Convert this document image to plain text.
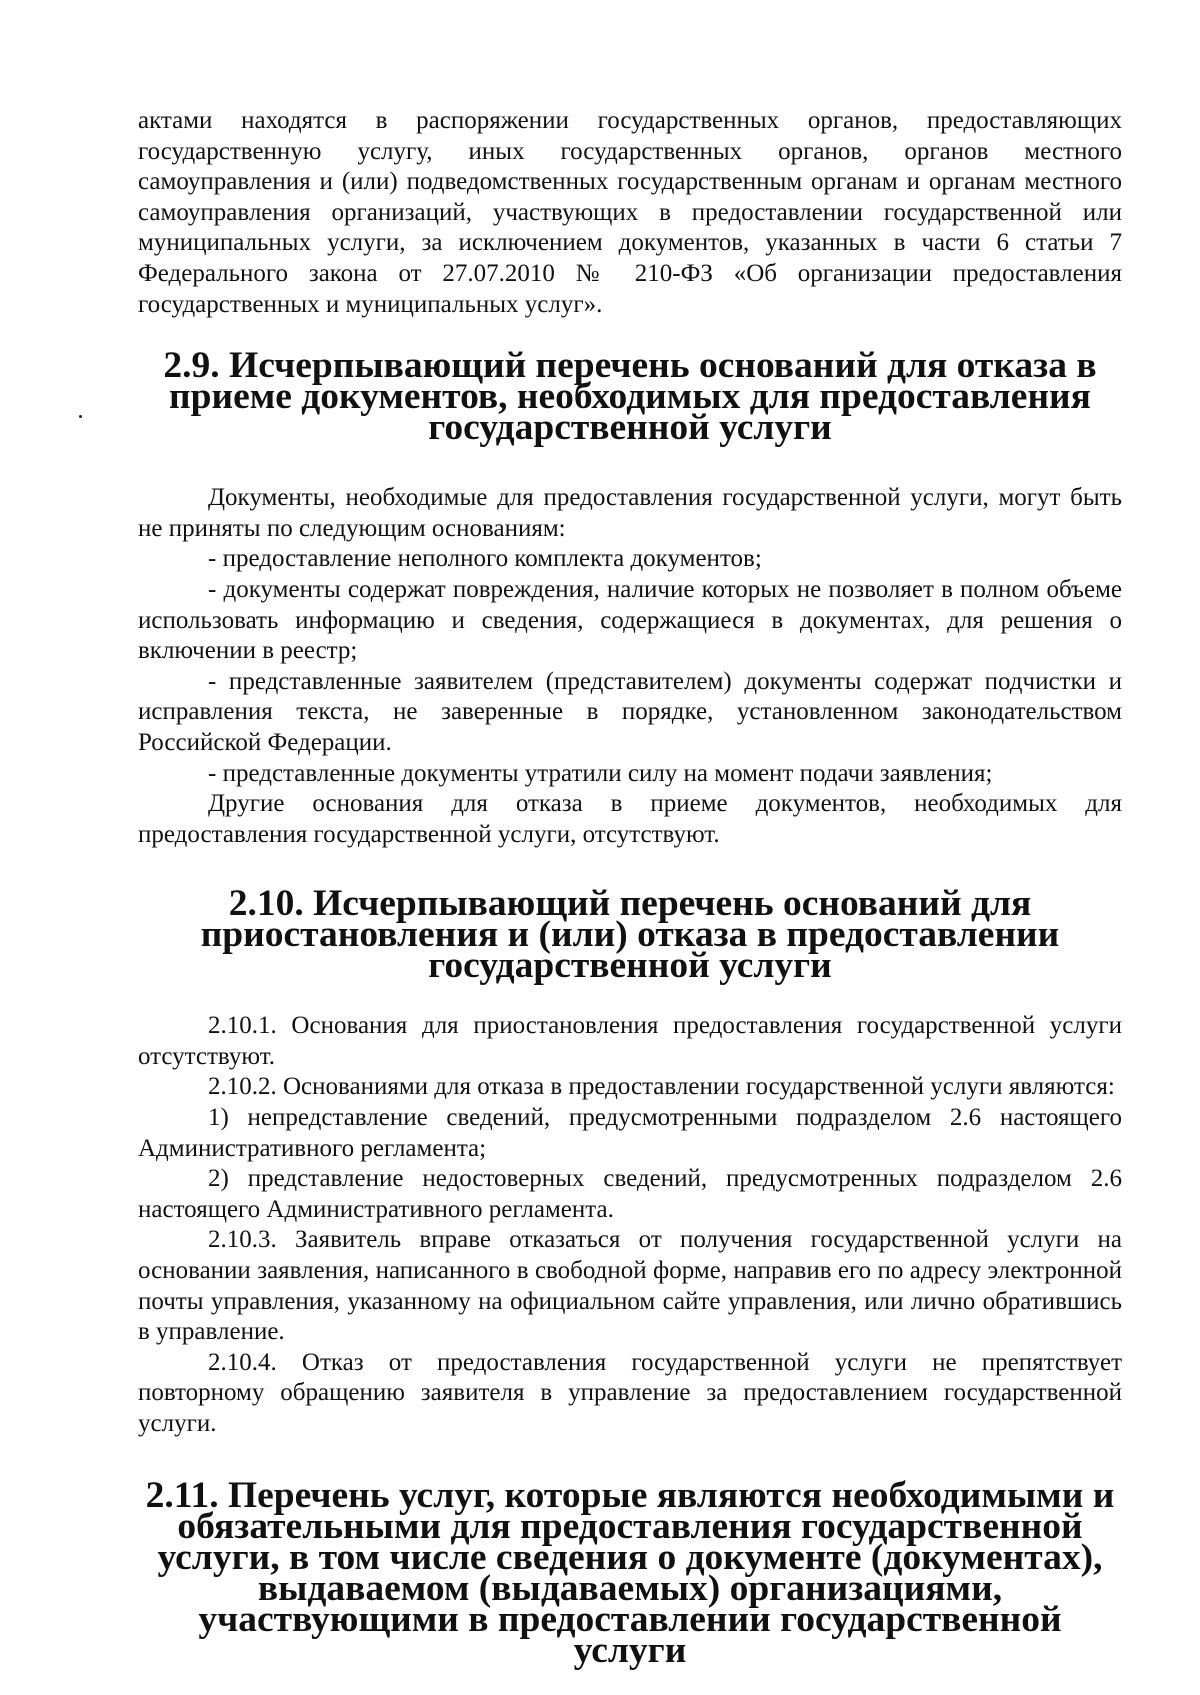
актами находятся в распоряжении государственных органов, предоставляющих государственную услугу, иных государственных органов, органов местного самоуправления и (или) подведомственных государственным органам и органам местного самоуправления организаций, участвующих в предоставлении государственной или муниципальных услуги, за исключением документов, указанных в части 6 статьи 7 Федерального закона от 27.07.2010 № 210-ФЗ «Об организации предоставления государственных и муниципальных услуг».

2.9. Исчерпывающий перечень оснований для отказа в приеме документов, необходимых для предоставления государственной услуги

Документы, необходимые для предоставления государственной услуги, могут быть не приняты по следующим основаниям:

- предоставление неполного комплекта документов;

- документы содержат повреждения, наличие которых не позволяет в полном объеме использовать информацию и сведения, содержащиеся в документах, для решения о включении в реестр;

- представленные заявителем (представителем) документы содержат подчистки и исправления текста, не заверенные в порядке, установленном законодательством Российской Федерации.

- представленные документы утратили силу на момент подачи заявления;

Другие основания для отказа в приеме документов, необходимых для предоставления государственной услуги, отсутствуют.

2.10. Исчерпывающий перечень оснований для приостановления и (или) отказа в предоставлении государственной услуги

2.10.1. Основания для приостановления предоставления государственной услуги отсутствуют.

2.10.2. Основаниями для отказа в предоставлении государственной услуги являются:

1) непредставление сведений, предусмотренными подразделом 2.6 настоящего Административного регламента;

2) представление недостоверных сведений, предусмотренных подразделом 2.6 настоящего Административного регламента.

2.10.3. Заявитель вправе отказаться от получения государственной услуги на основании заявления, написанного в свободной форме, направив его по адресу электронной почты управления, указанному на официальном сайте управления, или лично обратившись в управление.

2.10.4. Отказ от предоставления государственной услуги не препятствует повторному обращению заявителя в управление за предоставлением государственной услуги.

2.11. Перечень услуг, которые являются необходимыми и обязательными для предоставления государственной услуги, в том числе сведения о документе (документах), выдаваемом (выдаваемых) организациями, участвующими в предоставлении государственной услуги
